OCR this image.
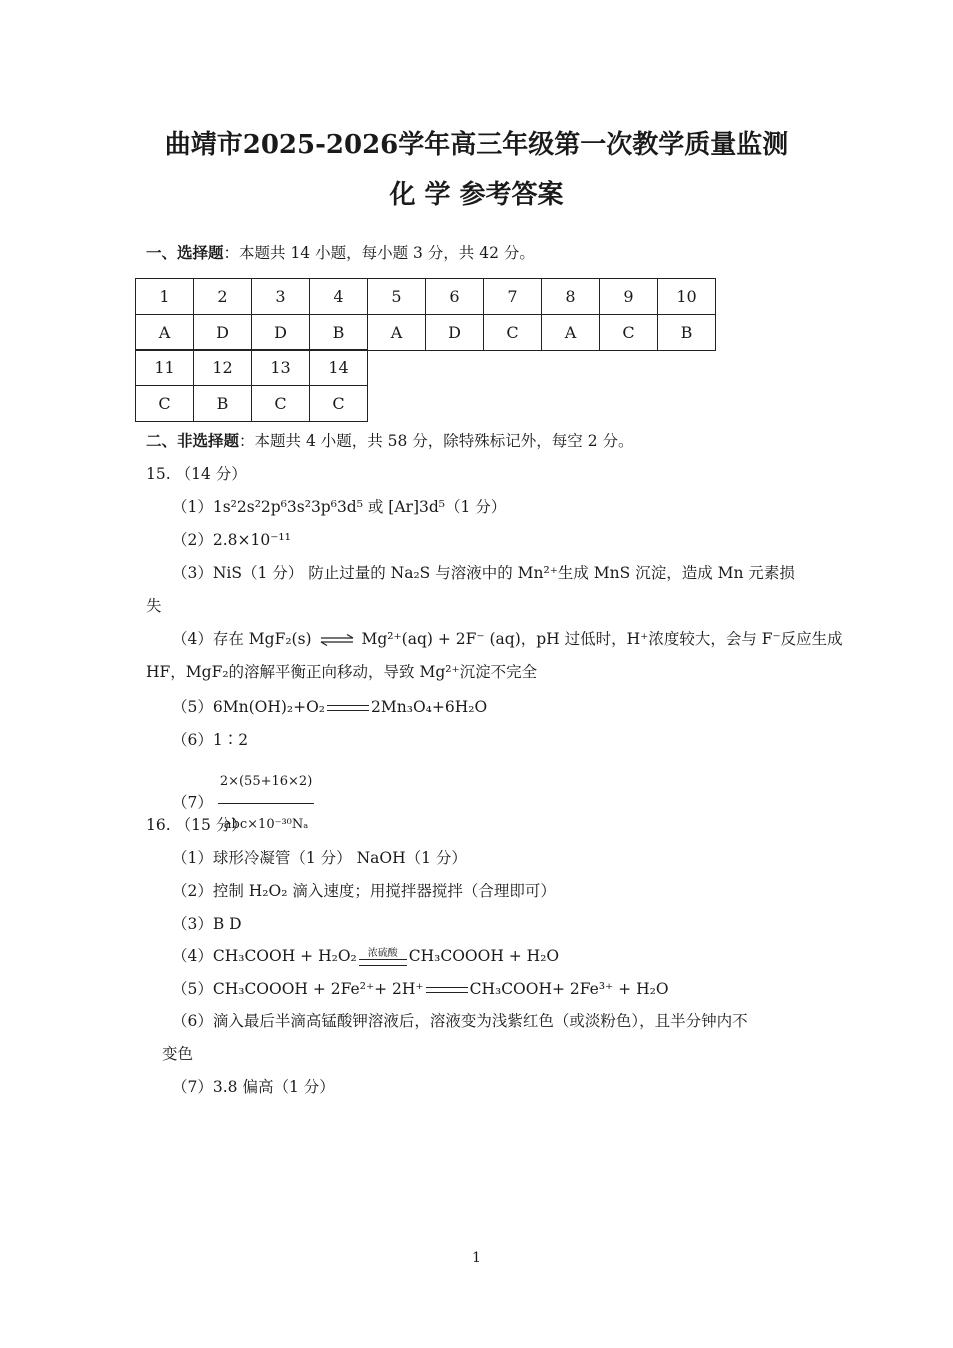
曲靖市2025-2026学年高三年级第一次教学质量监测
化 学 参考答案
一、选择题：本题共 14 小题，每小题 3 分，共 42 分。
1	2	3	4	5	6	7	8	9	10
A	D	D	B	A	D	C	A	C	B
11	12	13	14
C	B	C	C
二、非选择题：本题共 4 小题，共 58 分，除特殊标记外，每空 2 分。
15. （14 分）
（1）1s²2s²2p⁶3s²3p⁶3d⁵ 或 [Ar]3d⁵（1 分）
（2）2.8×10⁻¹¹
（3）NiS（1 分） 防止过量的 Na₂S 与溶液中的 Mn²⁺生成 MnS 沉淀，造成 Mn 元素损
失
（4）存在 MgF₂(s) ⇌ Mg²⁺(aq) + 2F⁻ (aq)，pH 过低时，H⁺浓度较大，会与 F⁻反应生成
HF，MgF₂的溶解平衡正向移动，导致 Mg²⁺沉淀不完全
（5）6Mn(OH)₂+O₂	2Mn₃O₄+6H₂O
（6）1∶2
$(7) \frac{2\times(55+16\times 2)}{\text{abc×10⁻³⁰Nₐ}}$
16. （15 分）
（1）球形冷凝管（1 分） NaOH（1 分）
（2）控制 H₂O₂ 滴入速度；用搅拌器搅拌（合理即可）
（3）B D
（4）CH₃COOH + H₂O₂	浓硫酸 CH₃COOOH + H₂O
（5）CH₃COOOH + 2Fe²⁺+ 2H⁺	CH₃COOH+ 2Fe³⁺ + H₂O
（6）滴入最后半滴高锰酸钾溶液后，溶液变为浅紫红色（或淡粉色），且半分钟内不
变色
（7）3.8 偏高（1 分）
1
